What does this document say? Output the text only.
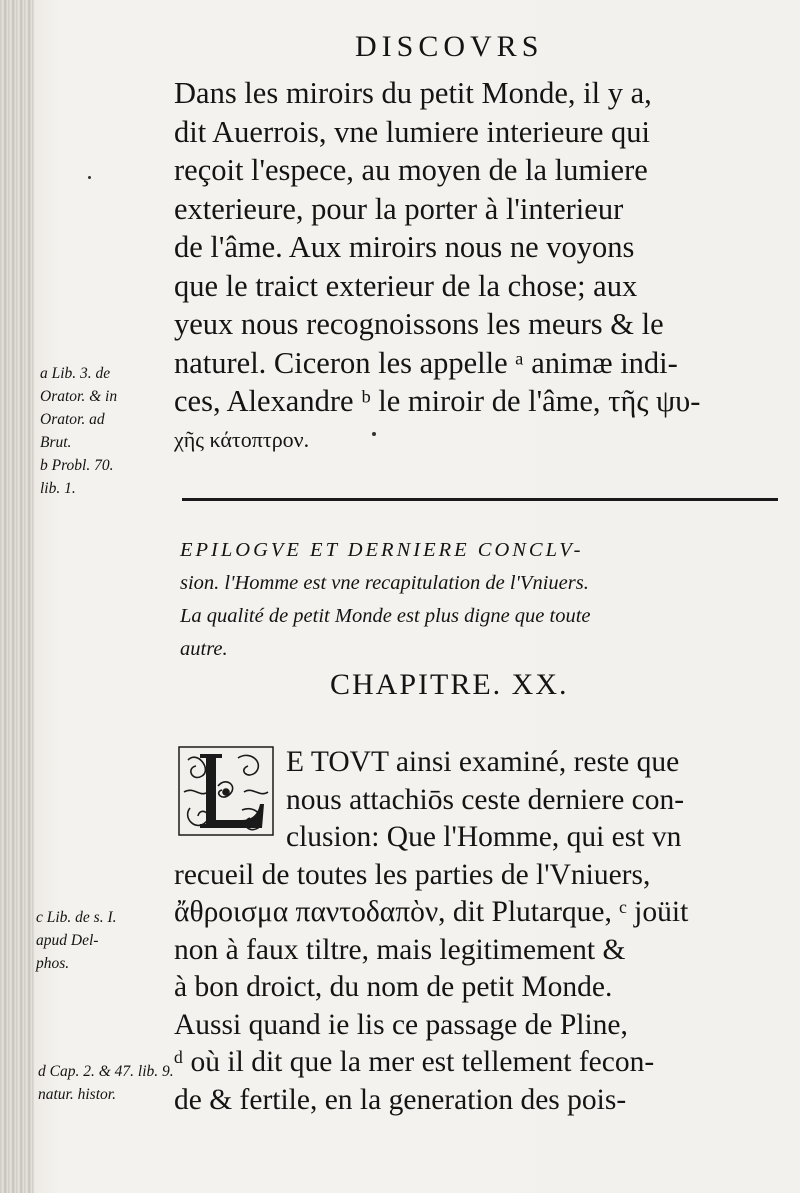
DISCOVRS
Dans les miroirs du petit Monde, il y a,
dit Auerrois, vne lumiere interieure qui
reçoit l'espece, au moyen de la lumiere
exterieure, pour la porter à l'interieur
de l'âme. Aux miroirs nous ne voyons
que le traict exterieur de la chose; aux
yeux nous recognoissons les meurs & le
naturel. Ciceron les appelle ᵃ animæ indi-
ces, Alexandre ᵇ le miroir de l'âme, τῆς ψυ-
χῆς κάτοπτρον.
a Lib. 3. de
Orator. & in
Orator. ad
Brut.
b Probl. 70.
lib. 1.
EPILOGVE ET DERNIERE CONCLV-
sion. l'Homme est vne recapitulation de l'Vniuers.
La qualité de petit Monde est plus digne que toute
autre.
CHAPITRE. XX.
E TOVT ainsi examiné, reste que
nous attachiōs ceste derniere con-
clusion: Que l'Homme, qui est vn
recueil de toutes les parties de l'Vniuers,
ἄθροισμα παντοδαπὸν, dit Plutarque, ᶜ joüit
non à faux tiltre, mais legitimement &
à bon droict, du nom de petit Monde.
Aussi quand ie lis ce passage de Pline,
ᵈ où il dit que la mer est tellement fecon-
de & fertile, en la generation des pois-
c Lib. de s. I.
apud Del-
phos.
d Cap. 2. & 47. lib. 9.
natur. histor.
